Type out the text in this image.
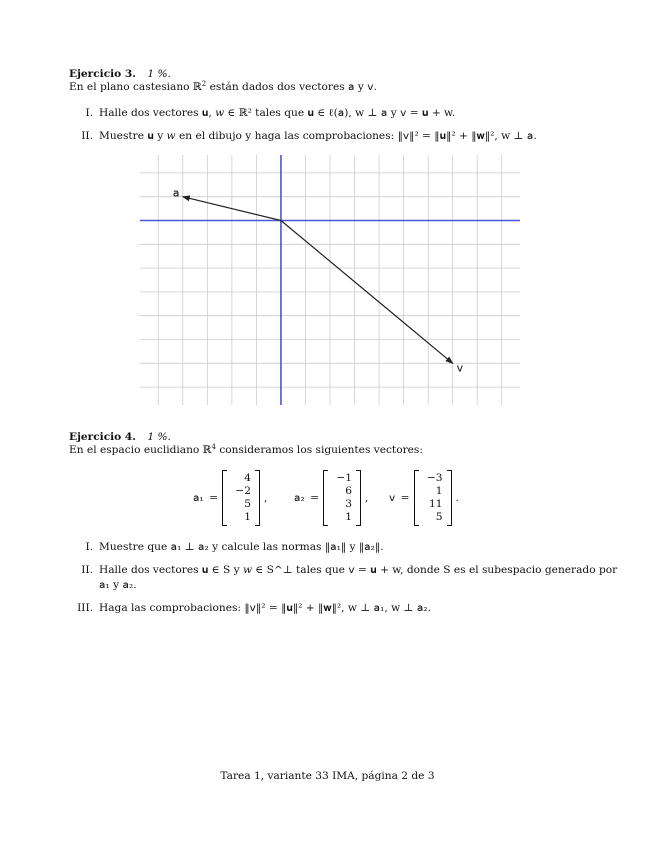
Ejercicio 3. 1 %.
En el plano castesiano ℝ$^2$ están dados dos vectores 𝖺 y 𝗏.
I. Halle dos vectores 𝐮, 𝑤 ∈ ℝ² tales que 𝐮 ∈ ℓ(𝖺), w ⊥ 𝖺 y 𝗏 = 𝐮 + w.
II. Muestre 𝐮 y 𝑤 en el dibujo y haga las comprobaciones: ‖𝗏‖² = ‖𝐮‖² + ‖𝐰‖², w ⊥ 𝖺.
𝖺
𝗏
Ejercicio 4. 1 %.
En el espacio euclidiano ℝ$^4$ consideramos los siguientes vectores:
𝖺₁ =
4
−2
5
1
,	𝖺₂ =
−1
6
3
1
, 𝗏 =
−3
1
11
5
.
I. Muestre que 𝖺₁ ⊥ 𝖺₂ y calcule las normas ‖𝖺₁‖ y ‖𝖺₂‖.
II. Halle dos vectores 𝐮 ∈ S y 𝑤 ∈ S^⊥ tales que 𝗏 = 𝐮 + w, donde S es el subespacio generado por
𝖺₁ y 𝖺₂.
III. Haga las comprobaciones: ‖𝗏‖² = ‖𝐮‖² + ‖𝐰‖², w ⊥ 𝖺₁, w ⊥ 𝖺₂.
Tarea 1, variante 33 IMA, página 2 de 3
